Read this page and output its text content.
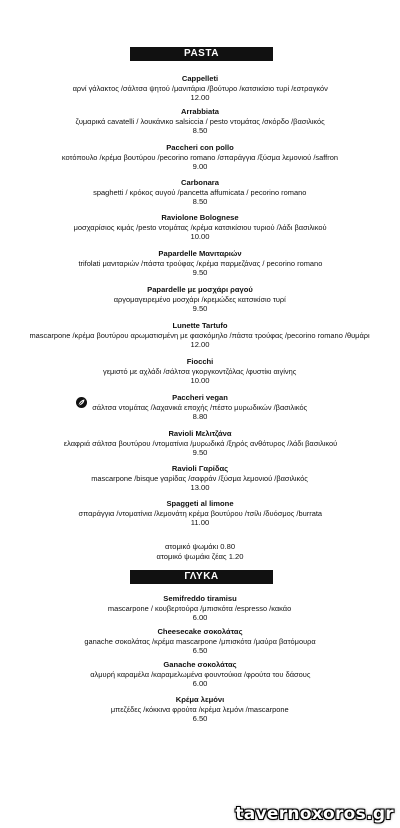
PASTA
Cappelleti
αρνί γάλακτος /σάλτσα ψητού /μανιτάρια /βούτυρο /κατσικίσιο τυρί /εστραγκόν
12.00
Arrabbiata
ζυμαρικά cavatelli / λουκάνικο salsiccia / pesto ντομάτας /σκόρδο /βασιλικός
8.50
Paccheri con pollo
κοτόπουλο /κρέμα βουτύρου /pecorino romano /σπαράγγια /ξύσμα λεμονιού /saffron
9.00
Carbonara
spaghetti / κρόκος αυγού /pancetta affumicata / pecorino romano
8.50
Raviolone Bolognese
μοσχαρίσιος κιμάς /pesto ντομάτας /κρέμα κατσικίσιου τυριού /λάδι βασιλικού
10.00
Papardelle Μανιταριών
trifolati μανιταριών /πάστα τρούφας /κρέμα παρμεζάνας / pecorino romano
9.50
Papardelle με μοσχάρι ραγού
αργομαγειρεμένο μοσχάρι /κρεμώδες κατσικίσιο τυρί
9.50
Lunette Tartufo
mascarpone /κρέμα βουτύρου αρωματισμένη με φασκόμηλο /πάστα τρούφας /pecorino romano /θυμάρι
12.00
Fiocchi
γεμιστό με αχλάδι /σάλτσα γκοργκοντζόλας /φυστίκι αιγίνης
10.00
Paccheri vegan
σάλτσα ντομάτας /λαχανικά εποχής /πέστο μυρωδικών /βασιλικός
8.80
Ravioli Μελιτζάνα
ελαφριά σάλτσα βουτύρου /ντοματίνια /μυρωδικά /ξηρός ανθότυρος /λάδι βασιλικού
9.50
Ravioli Γαρίδας
mascarpone /bisque γαρίδας /σαφράν /ξύσμα λεμονιού /βασιλικός
13.00
Spaggeti al limone
σπαράγγια /ντοματίνια /λεμονάτη κρέμα βουτύρου /τσίλι /δυόσμος /burrata
11.00
ατομικό ψωμάκι 0.80
ατομικό ψωμάκι ζέας 1.20
ΓΛΥΚΑ
Semifreddo tiramisu
mascarpone / κουβερτούρα /μπισκότα /espresso /κακάο
6.00
Cheesecake σοκολάτας
ganache σοκολάτας /κρέμα mascarpone /μπισκότα /μαύρα βατόμουρα
6.50
Ganache σοκολάτας
αλμυρή καραμέλα /καραμελωμένα φουντούκια /φρούτα του δάσους
6.00
Κρέμα λεμόνι
μπεζέδες /κόκκινα φρούτα /κρέμα λεμόνι /mascarpone
6.50
tavernoxoros.gr
